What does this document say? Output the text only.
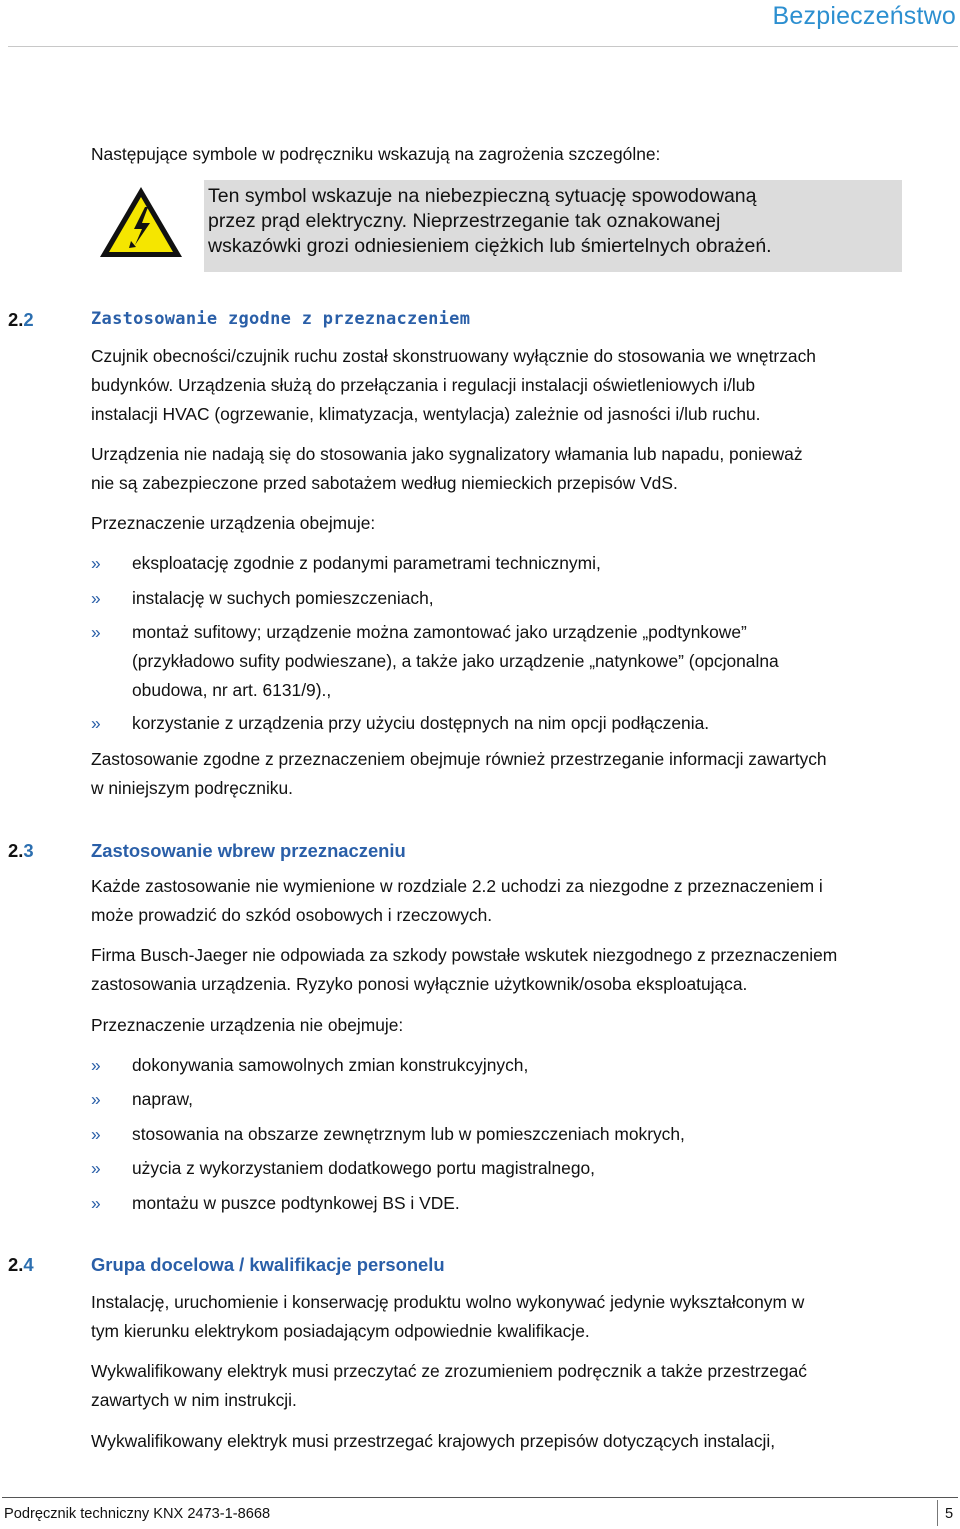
Bezpieczeństwo
Następujące symbole w podręczniku wskazują na zagrożenia szczególne:
Ten symbol wskazuje na niebezpieczną sytuację spowodowaną
przez prąd elektryczny. Nieprzestrzeganie tak oznakowanej
wskazówki grozi odniesieniem ciężkich lub śmiertelnych obrażeń.
2.2	Zastosowanie zgodne z przeznaczeniem
Czujnik obecności/czujnik ruchu został skonstruowany wyłącznie do stosowania we wnętrzach
budynków. Urządzenia służą do przełączania i regulacji instalacji oświetleniowych i/lub
instalacji HVAC (ogrzewanie, klimatyzacja, wentylacja) zależnie od jasności i/lub ruchu.
Urządzenia nie nadają się do stosowania jako sygnalizatory włamania lub napadu, ponieważ
nie są zabezpieczone przed sabotażem według niemieckich przepisów VdS.
Przeznaczenie urządzenia obejmuje:
» eksploatację zgodnie z podanymi parametrami technicznymi,
» instalację w suchych pomieszczeniach,
» montaż sufitowy; urządzenie można zamontować jako urządzenie „podtynkowe”
(przykładowo sufity podwieszane), a także jako urządzenie „natynkowe” (opcjonalna
obudowa, nr art. 6131/9).,
» korzystanie z urządzenia przy użyciu dostępnych na nim opcji podłączenia.
Zastosowanie zgodne z przeznaczeniem obejmuje również przestrzeganie informacji zawartych
w niniejszym podręczniku.
2.3	Zastosowanie wbrew przeznaczeniu
Każde zastosowanie nie wymienione w rozdziale 2.2 uchodzi za niezgodne z przeznaczeniem i
może prowadzić do szkód osobowych i rzeczowych.
Firma Busch-Jaeger nie odpowiada za szkody powstałe wskutek niezgodnego z przeznaczeniem
zastosowania urządzenia. Ryzyko ponosi wyłącznie użytkownik/osoba eksploatująca.
Przeznaczenie urządzenia nie obejmuje:
» dokonywania samowolnych zmian konstrukcyjnych,
» napraw,
» stosowania na obszarze zewnętrznym lub w pomieszczeniach mokrych,
» użycia z wykorzystaniem dodatkowego portu magistralnego,
» montażu w puszce podtynkowej BS i VDE.
2.4	Grupa docelowa / kwalifikacje personelu
Instalację, uruchomienie i konserwację produktu wolno wykonywać jedynie wykształconym w
tym kierunku elektrykom posiadającym odpowiednie kwalifikacje.
Wykwalifikowany elektryk musi przeczytać ze zrozumieniem podręcznik a także przestrzegać
zawartych w nim instrukcji.
Wykwalifikowany elektryk musi przestrzegać krajowych przepisów dotyczących instalacji,
Podręcznik techniczny KNX 2473-1-8668	5
